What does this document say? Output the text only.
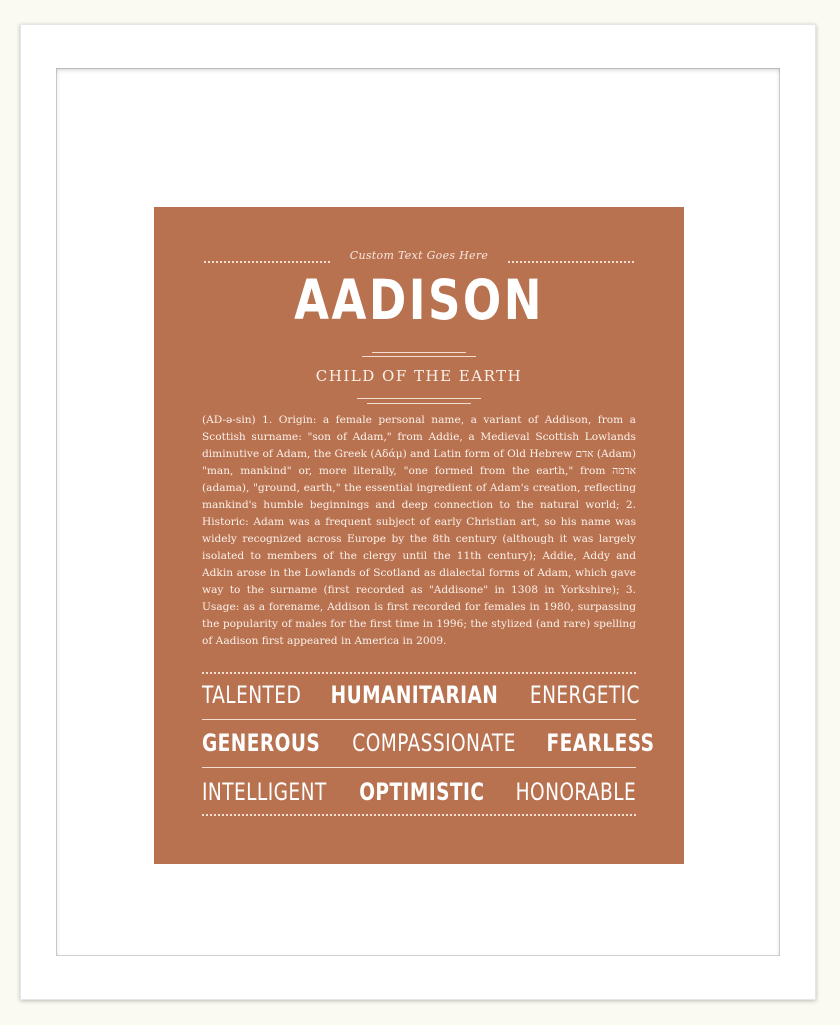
Custom Text Goes Here
AADISON
CHILD OF THE EARTH
(AD-ə-sin) 1. Origin: a female personal name, a variant of Addison, from a Scottish surname: "son of Adam," from Addie, a Medieval Scottish Lowlands diminutive of Adam, the Greek (Αδάμ) and Latin form of Old Hebrew אדם (Adam) "man, mankind" or, more literally, "one formed from the earth," from אדמה (adama), "ground, earth," the essential ingredient of Adam's creation, reflecting mankind's humble beginnings and deep connection to the natural world; 2. Historic: Adam was a frequent subject of early Christian art, so his name was widely recognized across Europe by the 8th century (although it was largely isolated to members of the clergy until the 11th century); Addie, Addy and Adkin arose in the Lowlands of Scotland as dialectal forms of Adam, which gave way to the surname (first recorded as "Addisone" in 1308 in Yorkshire); 3. Usage: as a forename, Addison is first recorded for females in 1980, surpassing the popularity of males for the first time in 1996; the stylized (and rare) spelling of Aadison first appeared in America in 2009.
TALENTED HUMANITARIAN ENERGETIC
GENEROUS COMPASSIONATE FEARLESS
INTELLIGENT OPTIMISTIC HONORABLE
